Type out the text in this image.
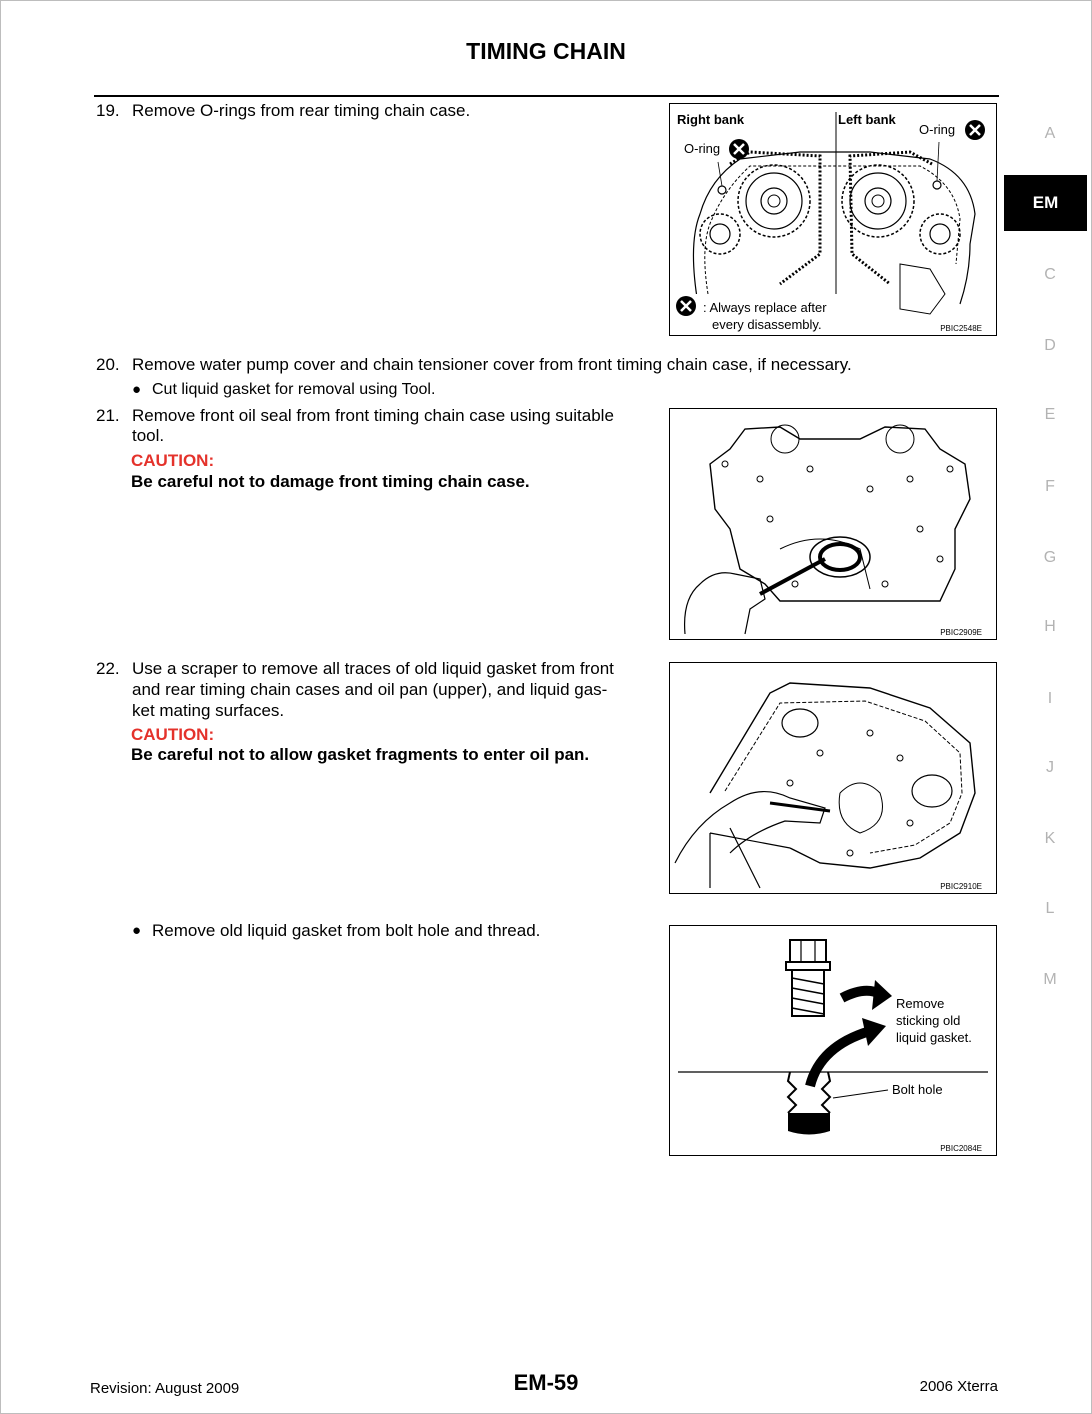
TIMING CHAIN
19. Remove O-rings from rear timing chain case.	Right bank	Left bank
O-ring
O-ring
: Always replace after
every disassembly.	PBIC2548E
20. Remove water pump cover and chain tensioner cover from front timing chain case, if necessary.
● Cut liquid gasket for removal using Tool.
21. Remove front oil seal from front timing chain case using suitable
tool.
CAUTION:
Be careful not to damage front timing chain case.
PBIC2909E
22. Use a scraper to remove all traces of old liquid gasket from front
and rear timing chain cases and oil pan (upper), and liquid gas-
ket mating surfaces.
CAUTION:
Be careful not to allow gasket fragments to enter oil pan.
PBIC2910E
● Remove old liquid gasket from bolt hole and thread.
Remove
sticking old
liquid gasket.
Bolt hole
PBIC2084E
A
EM
C
D
E
F
G
H
I
J
K
L
M
Revision: August 2009	EM-59	2006 Xterra
